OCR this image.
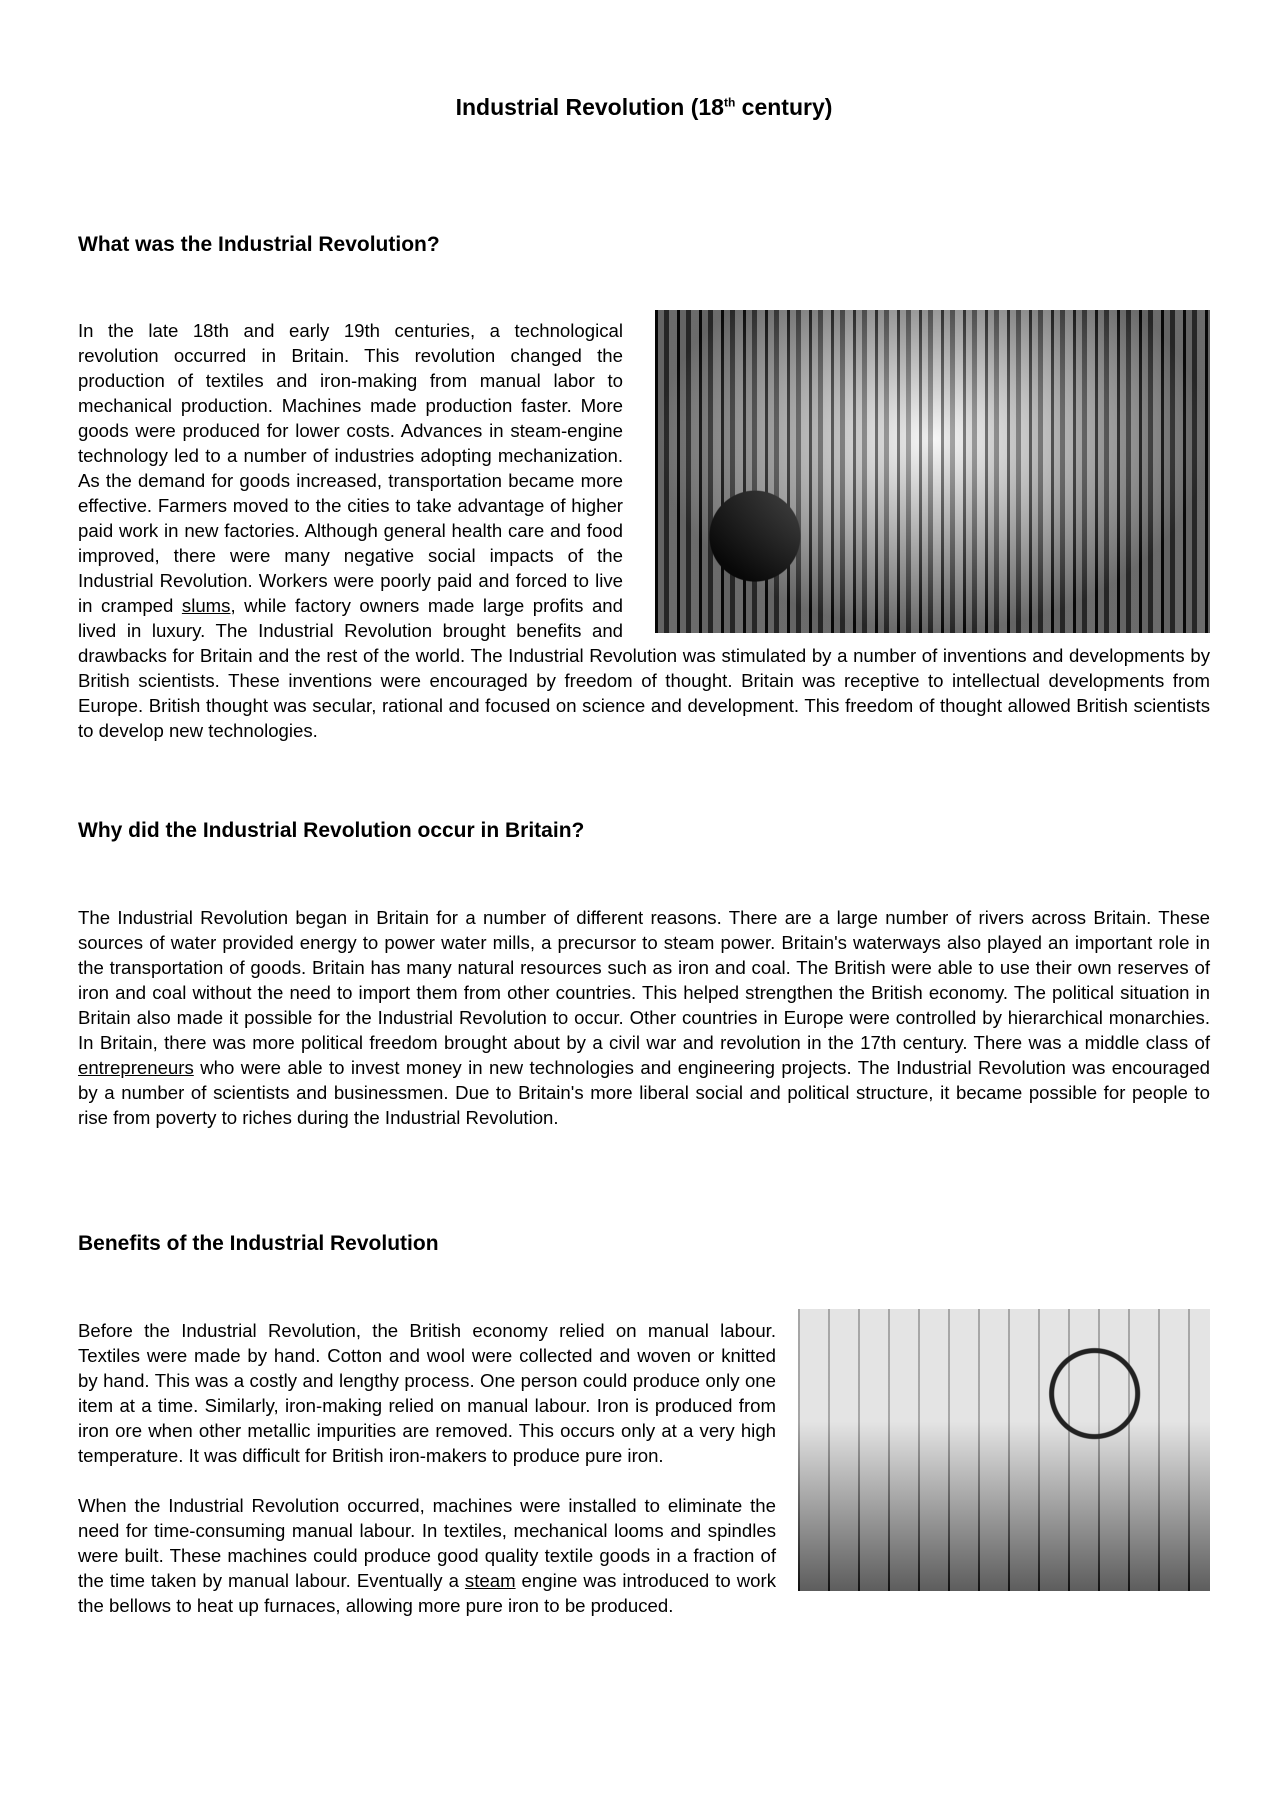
Industrial Revolution (18th century)
What was the Industrial Revolution?

In the late 18th and early 19th centuries, a technological revolution occurred in Britain. This revolution changed the production of textiles and iron-making from manual labor to mechanical production. Machines made production faster. More goods were produced for lower costs. Advances in steam-engine technology led to a number of industries adopting mechanization. As the demand for goods increased, transportation became more effective. Farmers moved to the cities to take advantage of higher paid work in new factories. Although general health care and food improved, there were many negative social impacts of the Industrial Revolution. Workers were poorly paid and forced to live in cramped slums, while factory owners made large profits and lived in luxury. The Industrial Revolution brought benefits and drawbacks for Britain and the rest of the world. The Industrial Revolution was stimulated by a number of inventions and developments by British scientists. These inventions were encouraged by freedom of thought. Britain was receptive to intellectual developments from Europe. British thought was secular, rational and focused on science and development. This freedom of thought allowed British scientists to develop new technologies.

Why did the Industrial Revolution occur in Britain?

The Industrial Revolution began in Britain for a number of different reasons. There are a large number of rivers across Britain. These sources of water provided energy to power water mills, a precursor to steam power. Britain's waterways also played an important role in the transportation of goods. Britain has many natural resources such as iron and coal. The British were able to use their own reserves of iron and coal without the need to import them from other countries. This helped strengthen the British economy. The political situation in Britain also made it possible for the Industrial Revolution to occur. Other countries in Europe were controlled by hierarchical monarchies. In Britain, there was more political freedom brought about by a civil war and revolution in the 17th century. There was a middle class of entrepreneurs who were able to invest money in new technologies and engineering projects. The Industrial Revolution was encouraged by a number of scientists and businessmen. Due to Britain's more liberal social and political structure, it became possible for people to rise from poverty to riches during the Industrial Revolution.

Benefits of the Industrial Revolution

Before the Industrial Revolution, the British economy relied on manual labour. Textiles were made by hand. Cotton and wool were collected and woven or knitted by hand. This was a costly and lengthy process. One person could produce only one item at a time. Similarly, iron-making relied on manual labour. Iron is produced from iron ore when other metallic impurities are removed. This occurs only at a very high temperature. It was difficult for British iron-makers to produce pure iron.

When the Industrial Revolution occurred, machines were installed to eliminate the need for time-consuming manual labour. In textiles, mechanical looms and spindles were built. These machines could produce good quality textile goods in a fraction of the time taken by manual labour. Eventually a steam engine was introduced to work the bellows to heat up furnaces, allowing more pure iron to be produced.
